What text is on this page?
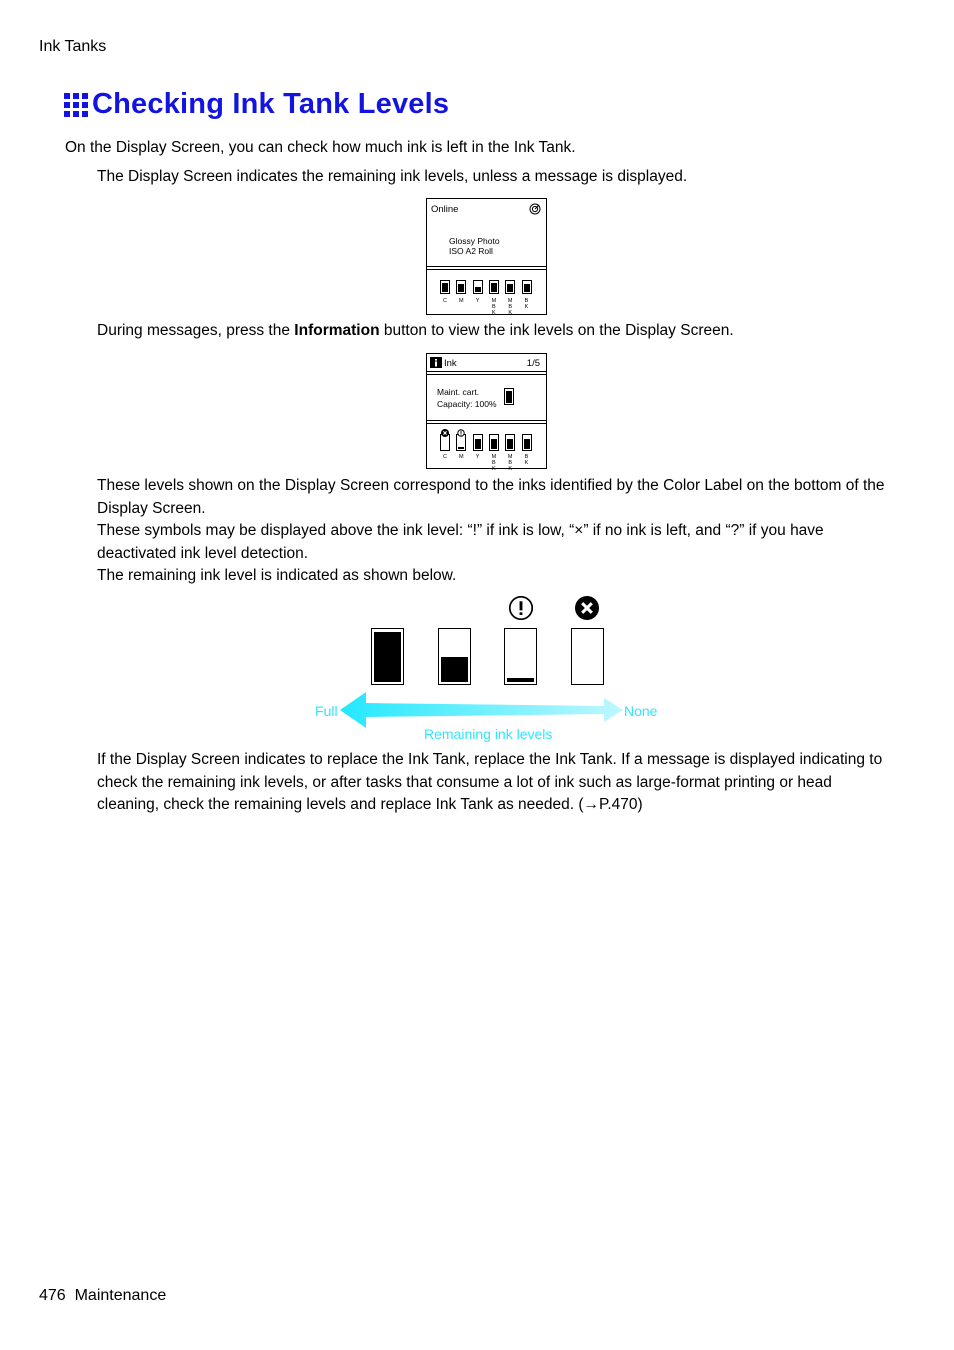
Ink Tanks
Checking Ink Tank Levels
On the Display Screen, you can check how much ink is left in the Ink Tank.
The Display Screen indicates the remaining ink levels, unless a message is displayed.
Online
Glossy Photo
ISO A2 Roll
C	M	Y	M
B
K
M
B
K
B
K
During messages, press the Information button to view the ink levels on the Display Screen.
Ink	1/5
Maint. cart.
Capacity: 100%
C	M	Y	M
B
K
M
B
K
B
K
These levels shown on the Display Screen correspond to the inks identified by the Color Label on the bottom of the Display Screen.
These symbols may be displayed above the ink level: “!” if ink is low, “×” if no ink is left, and “?” if you have deactivated ink level detection.
The remaining ink level is indicated as shown below.
Full	None
Remaining ink levels
If the Display Screen indicates to replace the Ink Tank, replace the Ink Tank. If a message is displayed indicating to check the remaining ink levels, or after tasks that consume a lot of ink such as large-format printing or head cleaning, check the remaining levels and replace Ink Tank as needed. (→P.470)
476 Maintenance
